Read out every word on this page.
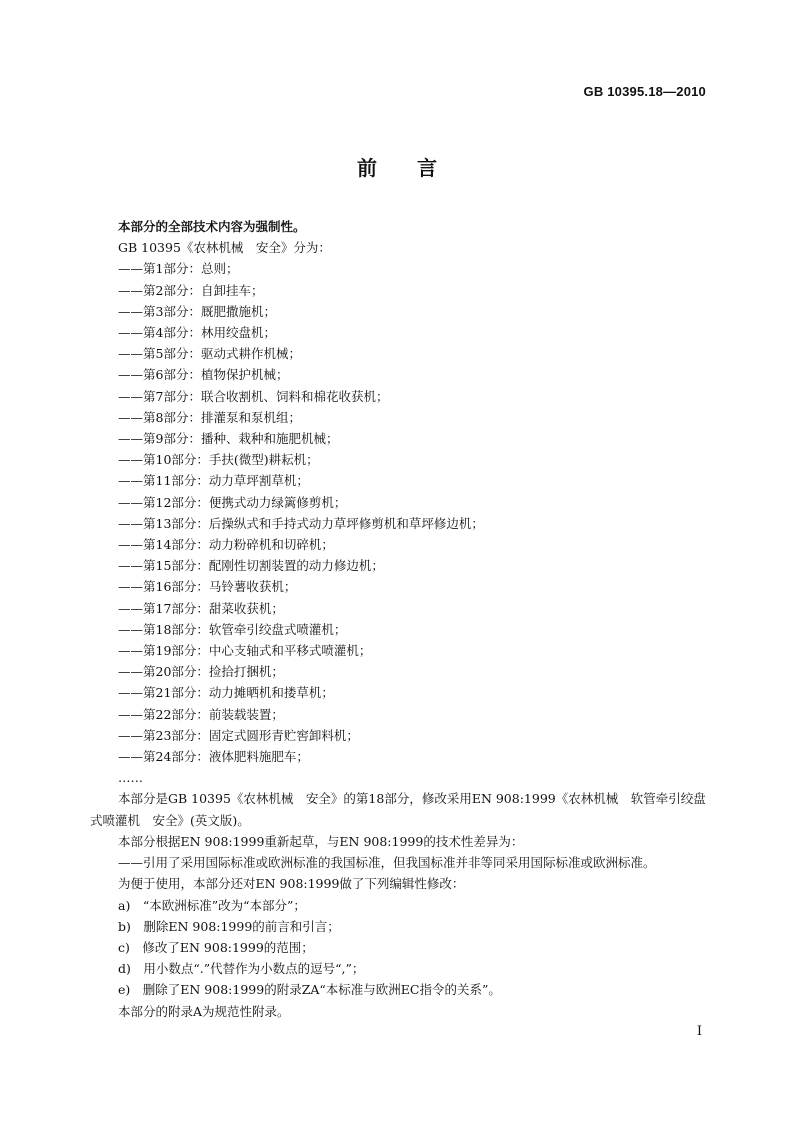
GB 10395.18—2010
前言
本部分的全部技术内容为强制性。
GB 10395《农林机械　安全》分为：
——第1部分：总则；
——第2部分：自卸挂车；
——第3部分：厩肥撒施机；
——第4部分：林用绞盘机；
——第5部分：驱动式耕作机械；
——第6部分：植物保护机械；
——第7部分：联合收割机、饲料和棉花收获机；
——第8部分：排灌泵和泵机组；
——第9部分：播种、栽种和施肥机械；
——第10部分：手扶(微型)耕耘机；
——第11部分：动力草坪割草机；
——第12部分：便携式动力绿篱修剪机；
——第13部分：后操纵式和手持式动力草坪修剪机和草坪修边机；
——第14部分：动力粉碎机和切碎机；
——第15部分：配刚性切割装置的动力修边机；
——第16部分：马铃薯收获机；
——第17部分：甜菜收获机；
——第18部分：软管牵引绞盘式喷灌机；
——第19部分：中心支轴式和平移式喷灌机；
——第20部分：捡拾打捆机；
——第21部分：动力摊晒机和搂草机；
——第22部分：前装载装置；
——第23部分：固定式圆形青贮窖卸料机；
——第24部分：液体肥料施肥车；
……
本部分是GB 10395《农林机械　安全》的第18部分，修改采用EN 908:1999《农林机械　软管牵引绞盘式喷灌机　安全》(英文版)。
本部分根据EN 908:1999重新起草，与EN 908:1999的技术性差异为：
——引用了采用国际标准或欧洲标准的我国标准，但我国标准并非等同采用国际标准或欧洲标准。
为便于使用，本部分还对EN 908:1999做了下列编辑性修改：
a)　“本欧洲标准”改为“本部分”；
b)　删除EN 908:1999的前言和引言；
c)　修改了EN 908:1999的范围；
d)　用小数点“.”代替作为小数点的逗号“,”；
e)　删除了EN 908:1999的附录ZA“本标准与欧洲EC指令的关系”。
本部分的附录A为规范性附录。
I
